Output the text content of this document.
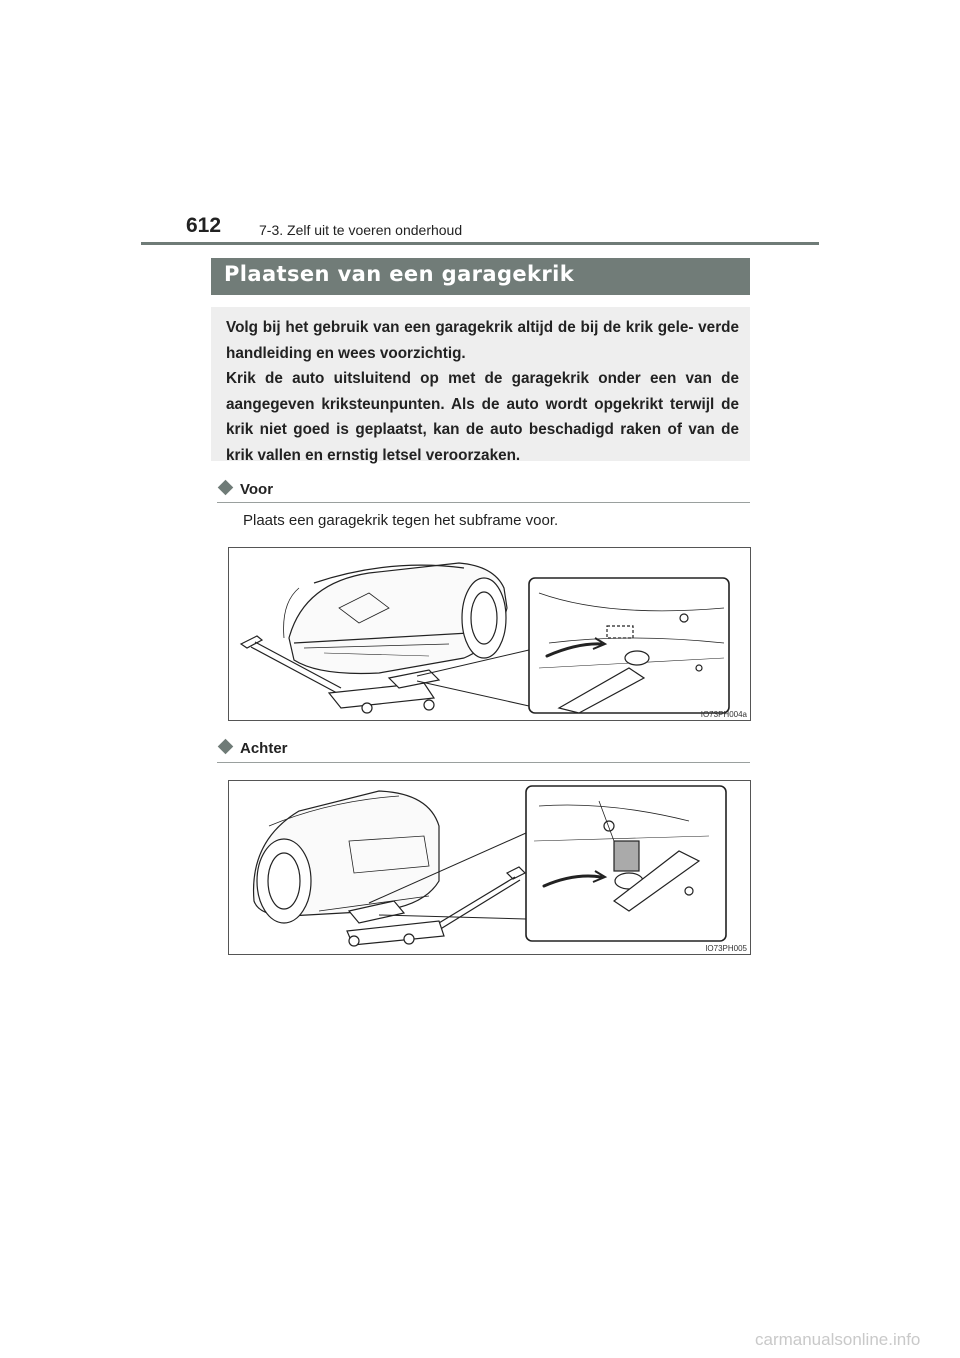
612	7-3. Zelf uit te voeren onderhoud
Plaatsen van een garagekrik

Volg bij het gebruik van een garagekrik altijd de bij de krik gele- verde handleiding en wees voorzichtig.

Krik de auto uitsluitend op met de garagekrik onder een van de aangegeven kriksteunpunten. Als de auto wordt opgekrikt terwijl de krik niet goed is geplaatst, kan de auto beschadigd raken of van de krik vallen en ernstig letsel veroorzaken.

Voor
Plaats een garagekrik tegen het subframe voor.
IO73PH004a
Achter
IO73PH005
carmanualsonline.info
